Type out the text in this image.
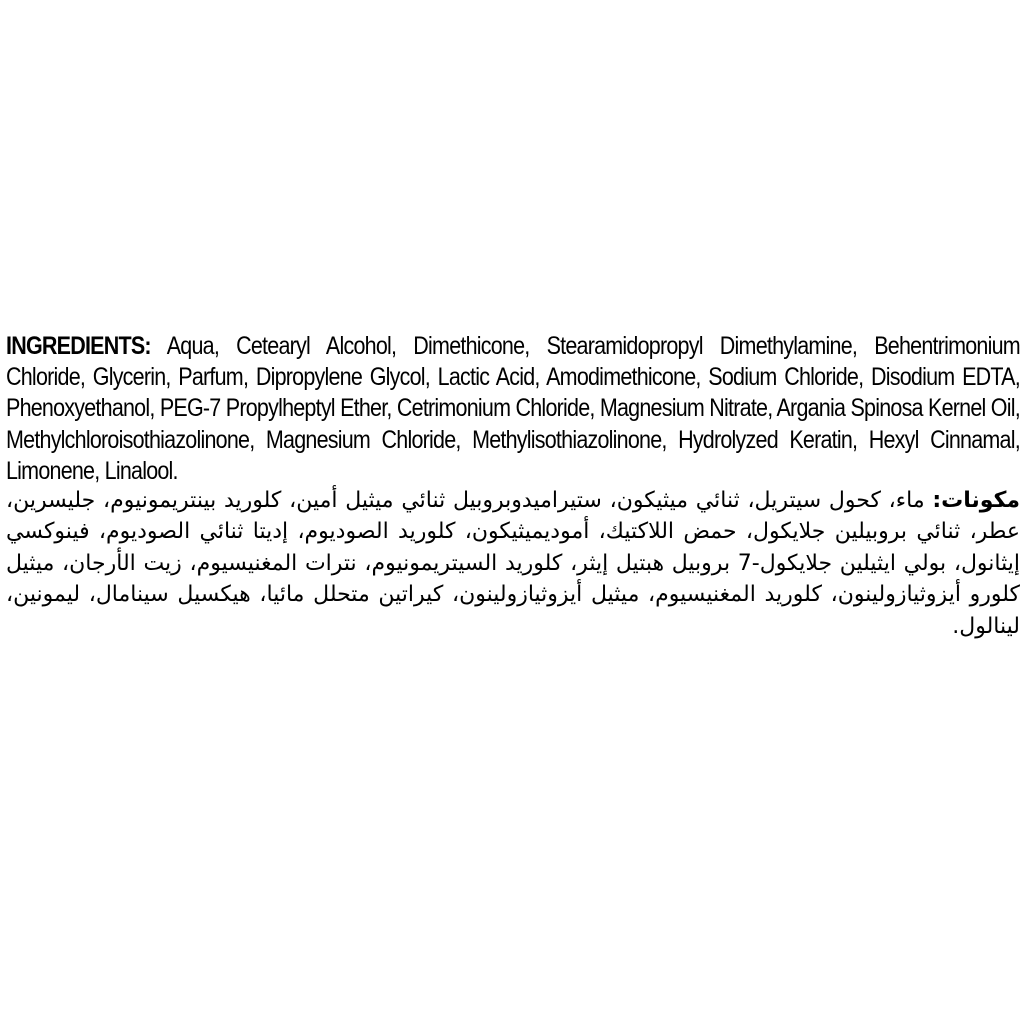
INGREDIENTS: Aqua, Cetearyl Alcohol, Dimethicone, Stearamidopropyl Dimethylamine, Behentrimonium Chloride, Glycerin, Parfum, Dipropylene Glycol, Lactic Acid, Amodimethicone, Sodium Chloride, Disodium EDTA, Phenoxyethanol, PEG-7 Propylheptyl Ether, Cetrimonium Chloride, Magnesium Nitrate, Argania Spinosa Kernel Oil, Methylchloroisothiazolinone, Magnesium Chloride, Methylisothiazolinone, Hydrolyzed Keratin, Hexyl Cinnamal, Limonene, Linalool.

مكونات: ماء، كحول سيتريل، ثنائي ميثيكون، ستيراميدوبروبيل ثنائي ميثيل أمين، كلوريد بينتريمونيوم، جليسرين، عطر، ثنائي بروبيلين جلايكول، حمض اللاكتيك، أموديميثيكون، كلوريد الصوديوم، إديتا ثنائي الصوديوم، فينوكسي إيثانول، بولي ايثيلين جلايكول-7 بروبيل هبتيل إيثر، كلوريد السيتريمونيوم، نترات المغنيسيوم، زيت الأرجان، ميثيل كلورو أيزوثيازولينون، كلوريد المغنيسيوم، ميثيل أيزوثيازولينون، كيراتين متحلل مائيا، هيكسيل سينامال، ليمونين، لينالول.
